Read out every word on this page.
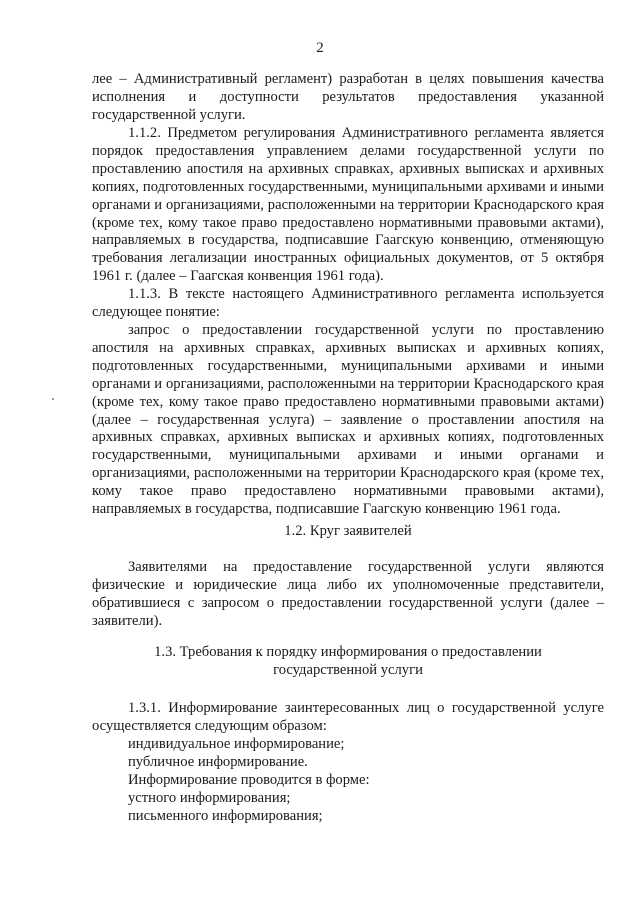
2

лее – Административный регламент) разработан в целях повышения качества исполнения и доступности результатов предоставления указанной государственной услуги.

1.1.2. Предметом регулирования Административного регламента является порядок предоставления управлением делами государственной услуги по проставлению апостиля на архивных справках, архивных выписках и архивных копиях, подготовленных государственными, муниципальными архивами и иными органами и организациями, расположенными на территории Краснодарского края (кроме тех, кому такое право предоставлено нормативными правовыми актами), направляемых в государства, подписавшие Гаагскую конвенцию, отменяющую требования легализации иностранных официальных документов, от 5 октября 1961 г. (далее – Гаагская конвенция 1961 года).

1.1.3. В тексте настоящего Административного регламента используется следующее понятие:

запрос о предоставлении государственной услуги по проставлению апостиля на архивных справках, архивных выписках и архивных копиях, подготовленных государственными, муниципальными архивами и иными органами и организациями, расположенными на территории Краснодарского края (кроме тех, кому такое право предоставлено нормативными правовыми актами) (далее – государственная услуга) – заявление о проставлении апостиля на архивных справках, архивных выписках и архивных копиях, подготовленных государственными, муниципальными архивами и иными органами и организациями, расположенными на территории Краснодарского края (кроме тех, кому такое право предоставлено нормативными правовыми актами), направляемых в государства, подписавшие Гаагскую конвенцию 1961 года.

1.2. Круг заявителей

Заявителями на предоставление государственной услуги являются физические и юридические лица либо их уполномоченные представители, обратившиеся с запросом о предоставлении государственной услуги (далее – заявители).

1.3. Требования к порядку информирования о предоставлении
государственной услуги

1.3.1. Информирование заинтересованных лиц о государственной услуге осуществляется следующим образом:

индивидуальное информирование;

публичное информирование.

Информирование проводится в форме:

устного информирования;

письменного информирования;
